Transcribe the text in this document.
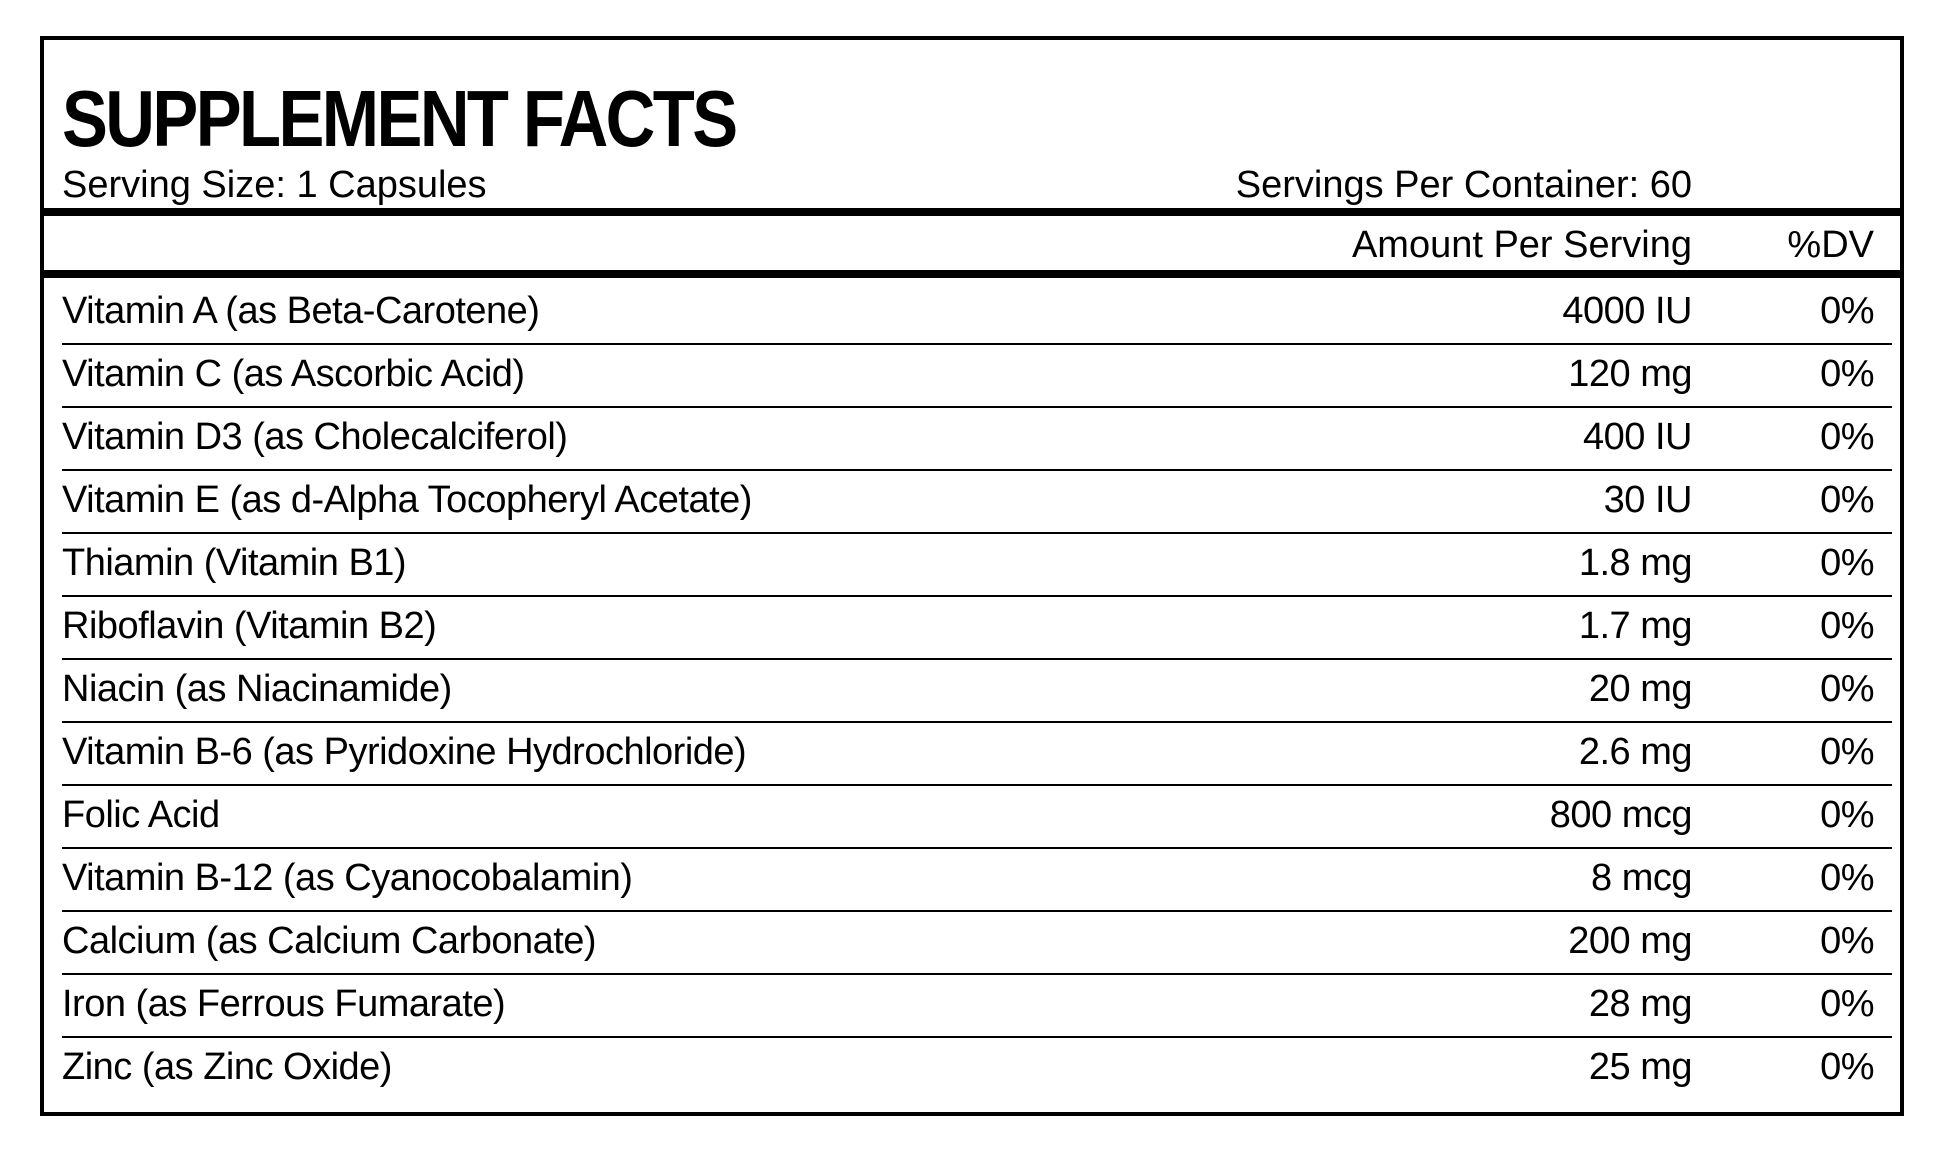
SUPPLEMENT FACTS
Serving Size: 1 Capsules	Servings Per Container: 60
Amount Per Serving	%DV
Vitamin A (as Beta-Carotene)	4000 IU	0%
Vitamin C (as Ascorbic Acid)	120 mg	0%
Vitamin D3 (as Cholecalciferol)	400 IU	0%
Vitamin E (as d-Alpha Tocopheryl Acetate)	30 IU	0%
Thiamin (Vitamin B1)	1.8 mg	0%
Riboflavin (Vitamin B2)	1.7 mg	0%
Niacin (as Niacinamide)	20 mg	0%
Vitamin B-6 (as Pyridoxine Hydrochloride)	2.6 mg	0%
Folic Acid	800 mcg	0%
Vitamin B-12 (as Cyanocobalamin)	8 mcg	0%
Calcium (as Calcium Carbonate)	200 mg	0%
Iron (as Ferrous Fumarate)	28 mg	0%
Zinc (as Zinc Oxide)	25 mg	0%
